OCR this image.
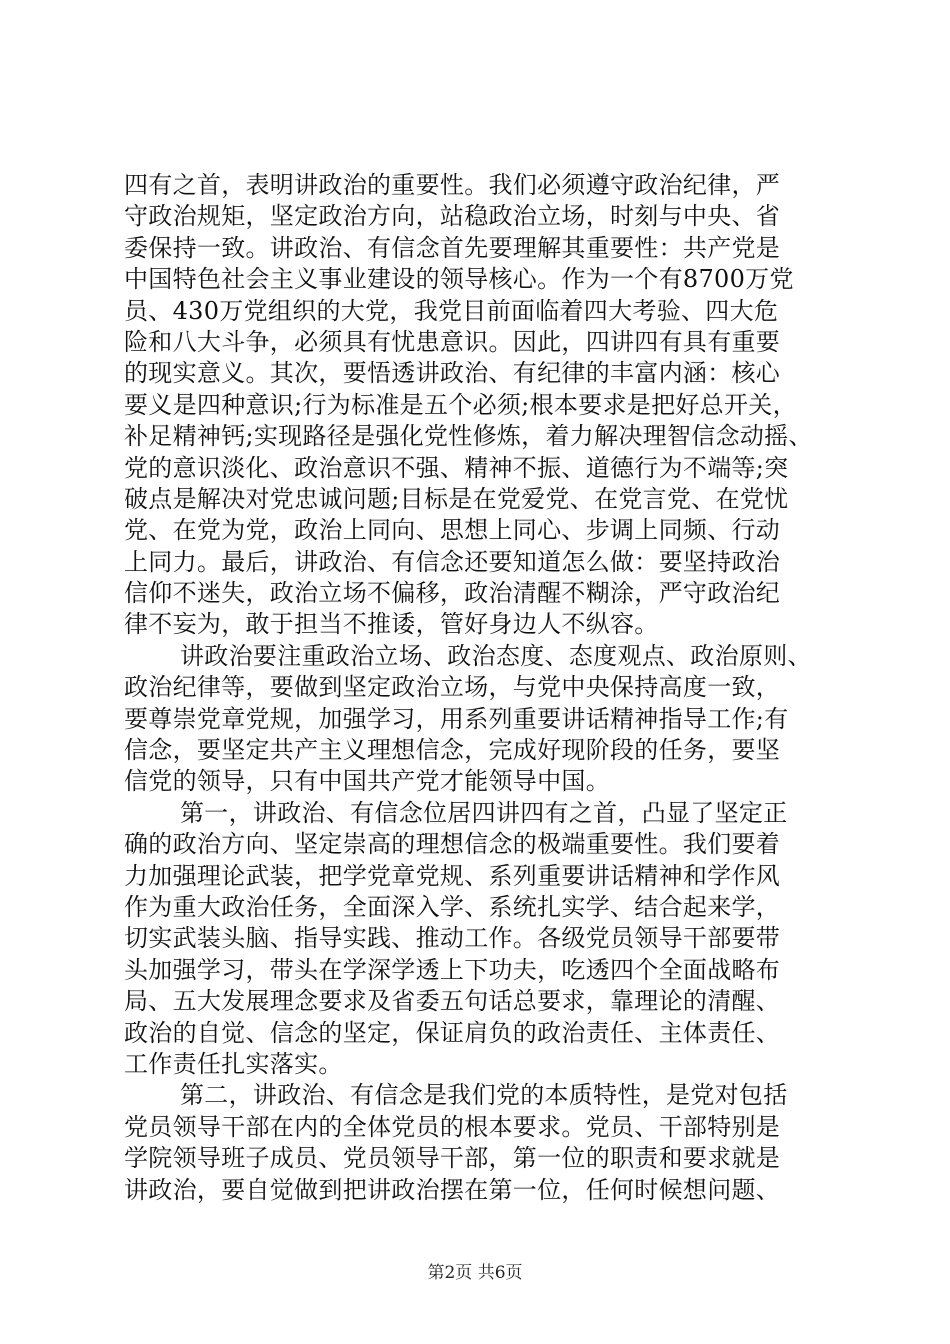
四有之首，表明讲政治的重要性。我们必须遵守政治纪律，严
守政治规矩，坚定政治方向，站稳政治立场，时刻与中央、省
委保持一致。讲政治、有信念首先要理解其重要性：共产党是
中国特色社会主义事业建设的领导核心。作为一个有8700万党
员、430万党组织的大党，我党目前面临着四大考验、四大危
险和八大斗争，必须具有忧患意识。因此，四讲四有具有重要
的现实意义。其次，要悟透讲政治、有纪律的丰富内涵：核心
要义是四种意识;行为标准是五个必须;根本要求是把好总开关，
补足精神钙;实现路径是强化党性修炼，着力解决理智信念动摇、
党的意识淡化、政治意识不强、精神不振、道德行为不端等;突
破点是解决对党忠诚问题;目标是在党爱党、在党言党、在党忧
党、在党为党，政治上同向、思想上同心、步调上同频、行动
上同力。最后，讲政治、有信念还要知道怎么做：要坚持政治
信仰不迷失，政治立场不偏移，政治清醒不糊涂，严守政治纪
律不妄为，敢于担当不推诿，管好身边人不纵容。
讲政治要注重政治立场、政治态度、态度观点、政治原则、
政治纪律等，要做到坚定政治立场，与党中央保持高度一致，
要尊崇党章党规，加强学习，用系列重要讲话精神指导工作;有
信念，要坚定共产主义理想信念，完成好现阶段的任务，要坚
信党的领导，只有中国共产党才能领导中国。
第一，讲政治、有信念位居四讲四有之首，凸显了坚定正
确的政治方向、坚定崇高的理想信念的极端重要性。我们要着
力加强理论武装，把学党章党规、系列重要讲话精神和学作风
作为重大政治任务，全面深入学、系统扎实学、结合起来学，
切实武装头脑、指导实践、推动工作。各级党员领导干部要带
头加强学习，带头在学深学透上下功夫，吃透四个全面战略布
局、五大发展理念要求及省委五句话总要求，靠理论的清醒、
政治的自觉、信念的坚定，保证肩负的政治责任、主体责任、
工作责任扎实落实。
第二，讲政治、有信念是我们党的本质特性，是党对包括
党员领导干部在内的全体党员的根本要求。党员、干部特别是
学院领导班子成员、党员领导干部，第一位的职责和要求就是
讲政治，要自觉做到把讲政治摆在第一位，任何时候想问题、
第2页 共6页
